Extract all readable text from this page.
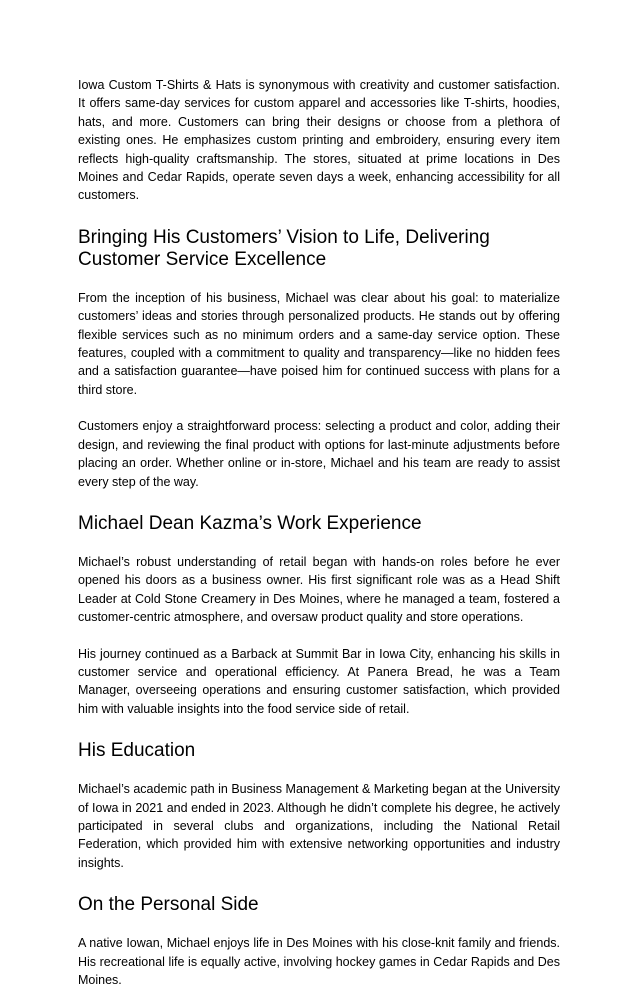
Iowa Custom T-Shirts & Hats is synonymous with creativity and customer satisfaction. It offers same-day services for custom apparel and accessories like T-shirts, hoodies, hats, and more. Customers can bring their designs or choose from a plethora of existing ones. He emphasizes custom printing and embroidery, ensuring every item reflects high-quality craftsmanship. The stores, situated at prime locations in Des Moines and Cedar Rapids, operate seven days a week, enhancing accessibility for all customers.

Bringing His Customers’ Vision to Life, Delivering Customer Service Excellence

From the inception of his business, Michael was clear about his goal: to materialize customers’ ideas and stories through personalized products. He stands out by offering flexible services such as no minimum orders and a same-day service option. These features, coupled with a commitment to quality and transparency—like no hidden fees and a satisfaction guarantee—have poised him for continued success with plans for a third store.

Customers enjoy a straightforward process: selecting a product and color, adding their design, and reviewing the final product with options for last-minute adjustments before placing an order. Whether online or in-store, Michael and his team are ready to assist every step of the way.

Michael Dean Kazma’s Work Experience

Michael’s robust understanding of retail began with hands-on roles before he ever opened his doors as a business owner. His first significant role was as a Head Shift Leader at Cold Stone Creamery in Des Moines, where he managed a team, fostered a customer-centric atmosphere, and oversaw product quality and store operations.

His journey continued as a Barback at Summit Bar in Iowa City, enhancing his skills in customer service and operational efficiency. At Panera Bread, he was a Team Manager, overseeing operations and ensuring customer satisfaction, which provided him with valuable insights into the food service side of retail.

His Education

Michael’s academic path in Business Management & Marketing began at the University of Iowa in 2021 and ended in 2023. Although he didn’t complete his degree, he actively participated in several clubs and organizations, including the National Retail Federation, which provided him with extensive networking opportunities and industry insights.

On the Personal Side

A native Iowan, Michael enjoys life in Des Moines with his close-knit family and friends. His recreational life is equally active, involving hockey games in Cedar Rapids and Des Moines.
